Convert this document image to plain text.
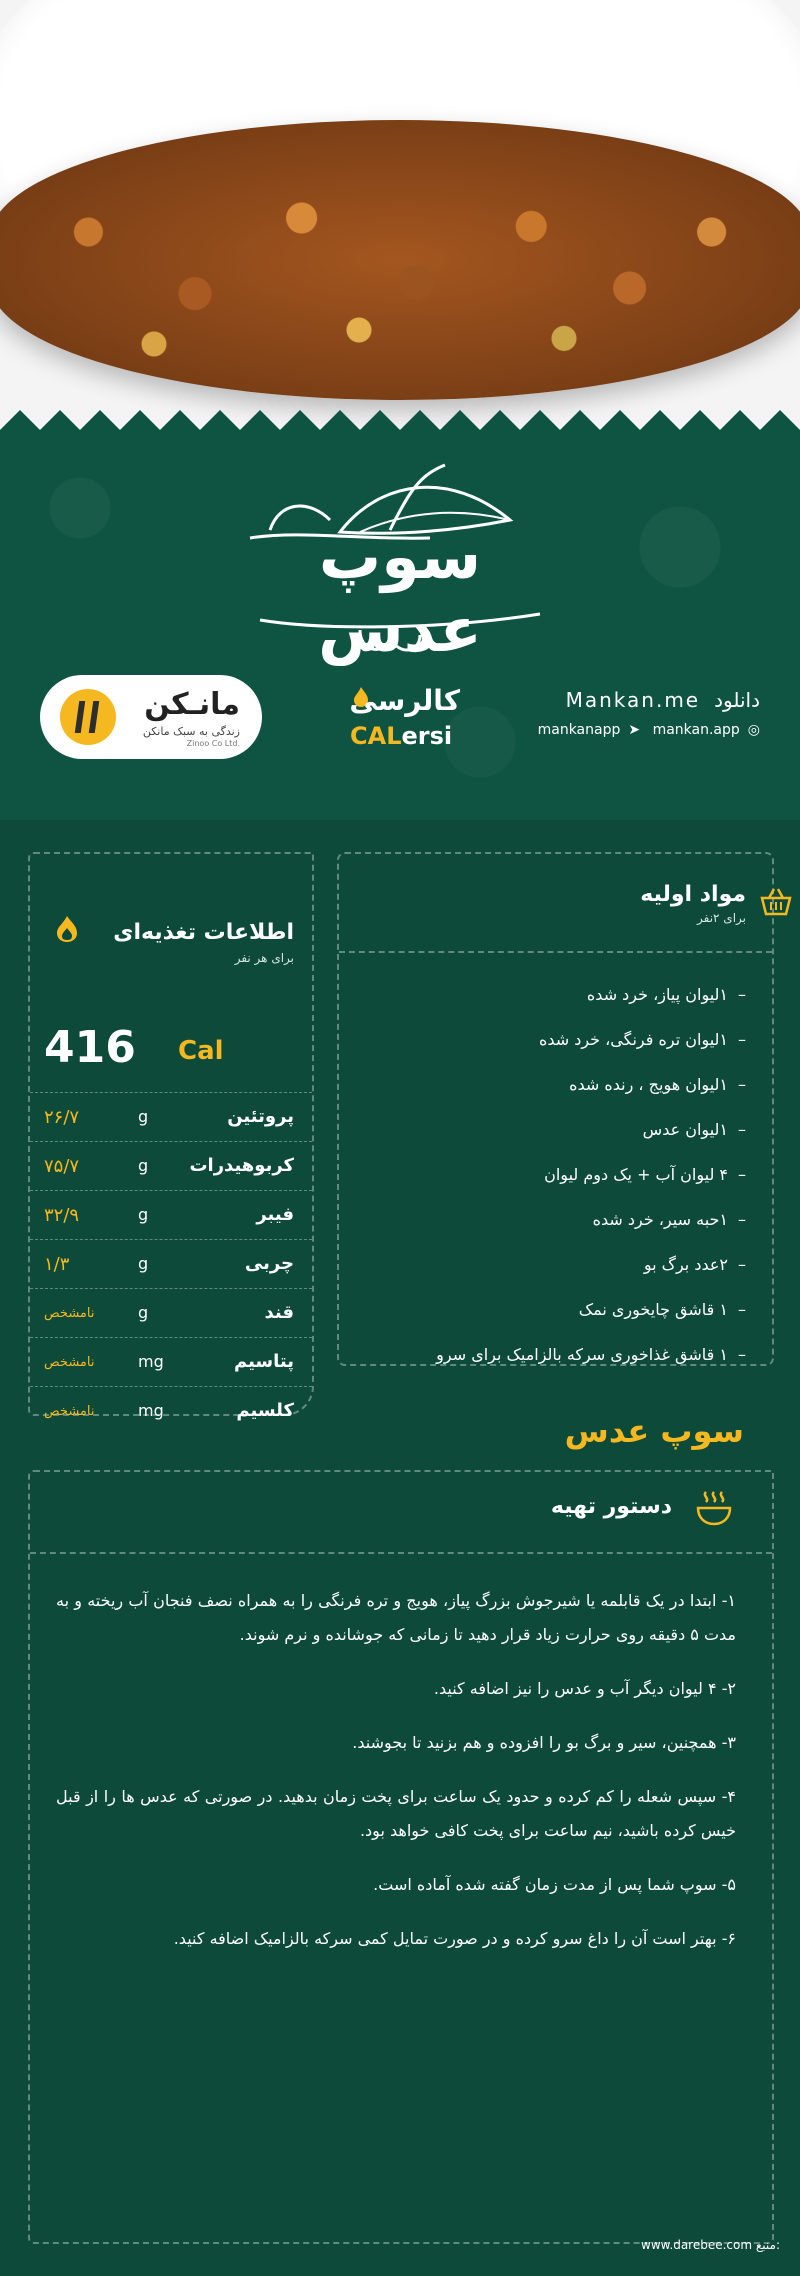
سوپ عدس
مانـکن
زندگی به سبک مانکن
Zinoo Co Ltd.
کالرسی
CALersi
Mankan.me دانلود
mankanapp ➤ mankan.app ◎
مواد اولیه
برای ۲نفر
– ۱لیوان پیاز، خرد شده
– ۱لیوان تره فرنگی، خرد شده
– ۱لیوان هویج ، رنده شده
– ۱لیوان عدس
– ۴ لیوان آب + یک دوم لیوان
– ۱حبه سیر، خرد شده
– ۲عدد برگ بو
– ۱ قاشق چایخوری نمک
– ۱ قاشق غذاخوری سرکه بالزامیک برای سرو
اطلاعات تغذیه‌ای
برای هر نفر
416 Cal
۲۶/۷	g	پروتئین
۷۵/۷	g کربوهیدرات
۳۲/۹	g	فیبر
۱/۳	g	چربی
نامشخص	g	قند
نامشخص	mg	پتاسیم
نامشخص	mg	کلسیم
سوپ عدس
دستور تهیه

۱- ابتدا در یک قابلمه یا شیرجوش بزرگ پیاز، هویج و تره فرنگی را به همراه نصف فنجان آب ریخته و به مدت ۵ دقیقه روی حرارت زیاد قرار دهید تا زمانی که جوشانده و نرم شوند.

۲- ۴ لیوان دیگر آب و عدس را نیز اضافه کنید.

۳- همچنین، سیر و برگ بو را افزوده و هم بزنید تا بجوشند.

۴- سپس شعله را کم کرده و حدود یک ساعت برای پخت زمان بدهید. در صورتی که عدس ها را از قبل خیس کرده باشید، نیم ساعت برای پخت کافی خواهد بود.

۵- سوپ شما پس از مدت زمان گفته شده آماده است.

۶- بهتر است آن را داغ سرو کرده و در صورت تمایل کمی سرکه بالزامیک اضافه کنید.

www.darebee.com منبع:
